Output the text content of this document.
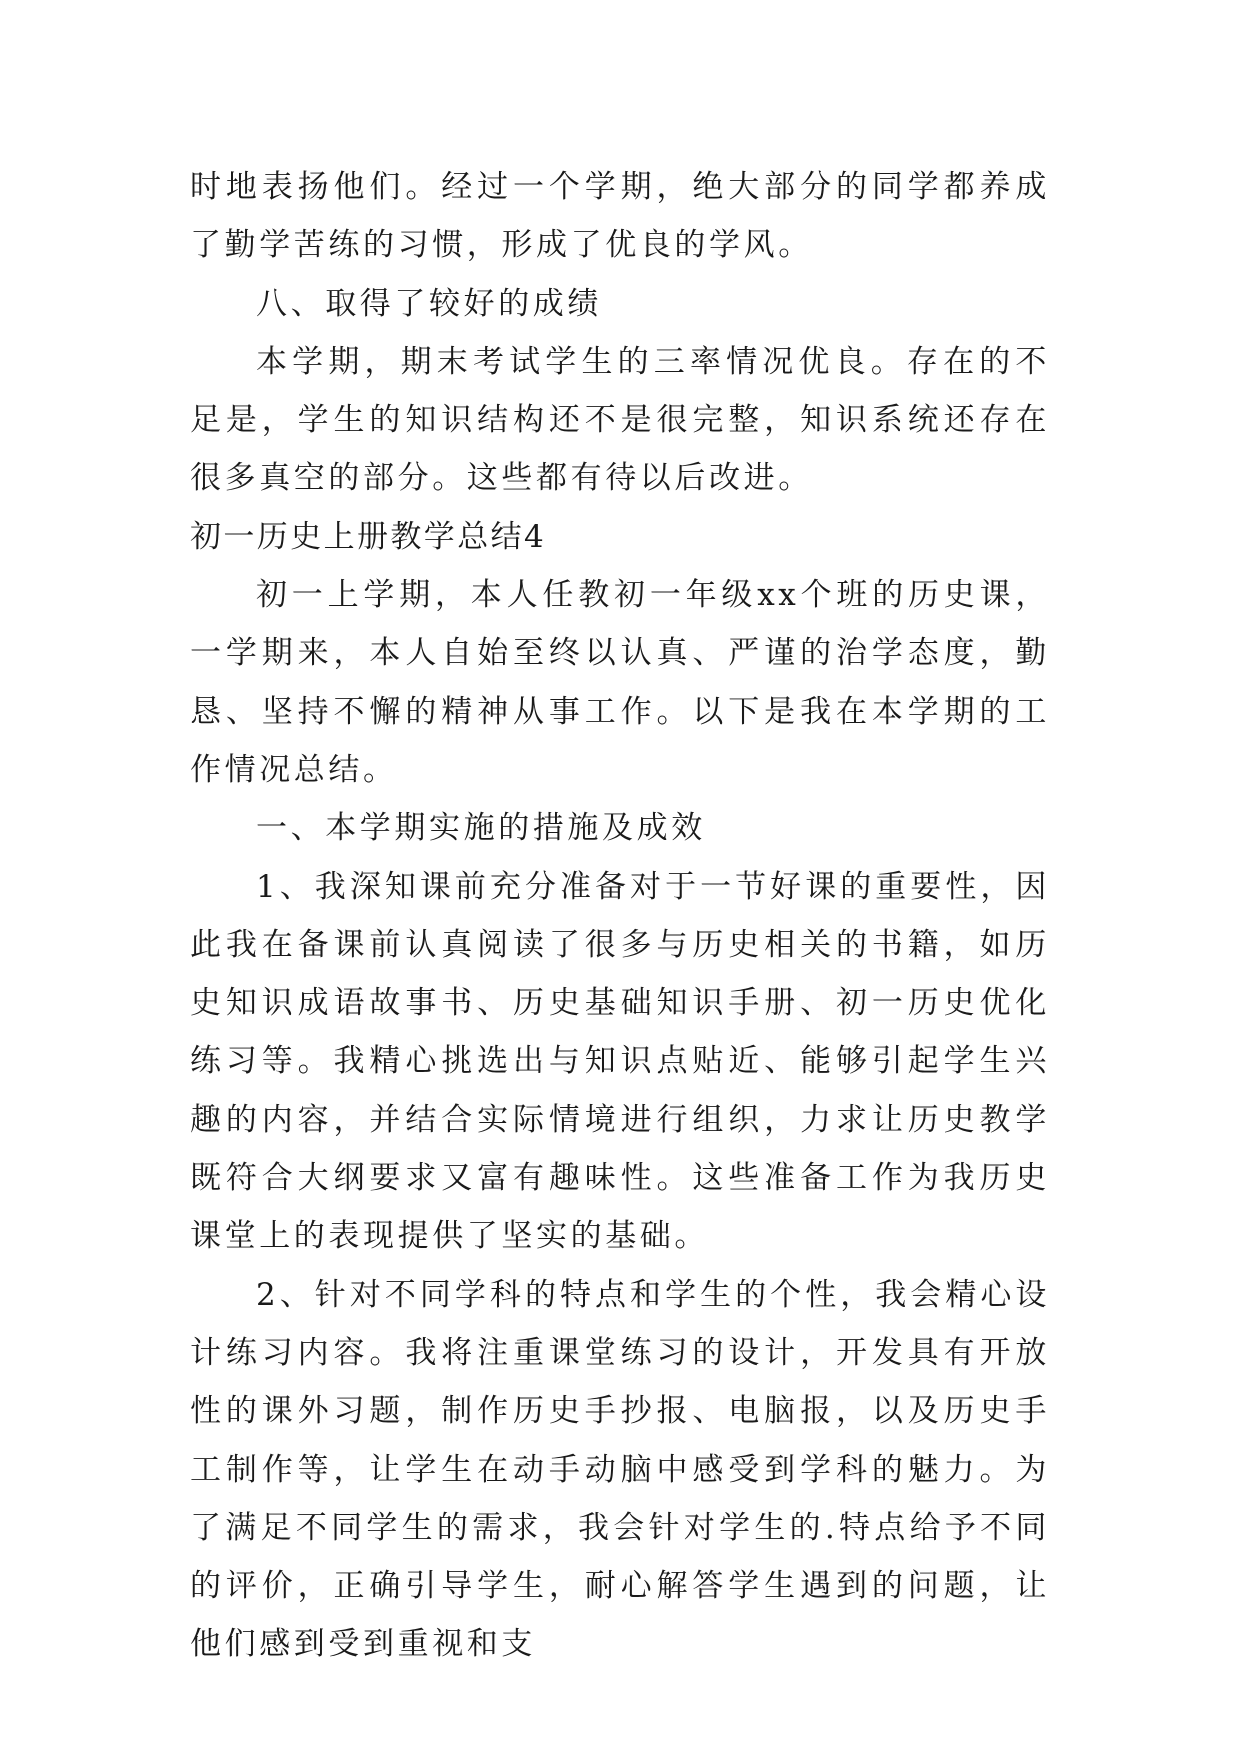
时地表扬他们。经过一个学期，绝大部分的同学都养成了勤学苦练的习惯，形成了优良的学风。

八、取得了较好的成绩

本学期，期末考试学生的三率情况优良。存在的不足是，学生的知识结构还不是很完整，知识系统还存在很多真空的部分。这些都有待以后改进。

初一历史上册教学总结4

初一上学期，本人任教初一年级xx个班的历史课，一学期来，本人自始至终以认真、严谨的治学态度，勤恳、坚持不懈的精神从事工作。以下是我在本学期的工作情况总结。

一、本学期实施的措施及成效

1、我深知课前充分准备对于一节好课的重要性，因此我在备课前认真阅读了很多与历史相关的书籍，如历史知识成语故事书、历史基础知识手册、初一历史优化练习等。我精心挑选出与知识点贴近、能够引起学生兴趣的内容，并结合实际情境进行组织，力求让历史教学既符合大纲要求又富有趣味性。这些准备工作为我历史课堂上的表现提供了坚实的基础。

2、针对不同学科的特点和学生的个性，我会精心设计练习内容。我将注重课堂练习的设计，开发具有开放性的课外习题，制作历史手抄报、电脑报，以及历史手工制作等，让学生在动手动脑中感受到学科的魅力。为了满足不同学生的需求，我会针对学生的.特点给予不同的评价，正确引导学生，耐心解答学生遇到的问题，让他们感到受到重视和支
